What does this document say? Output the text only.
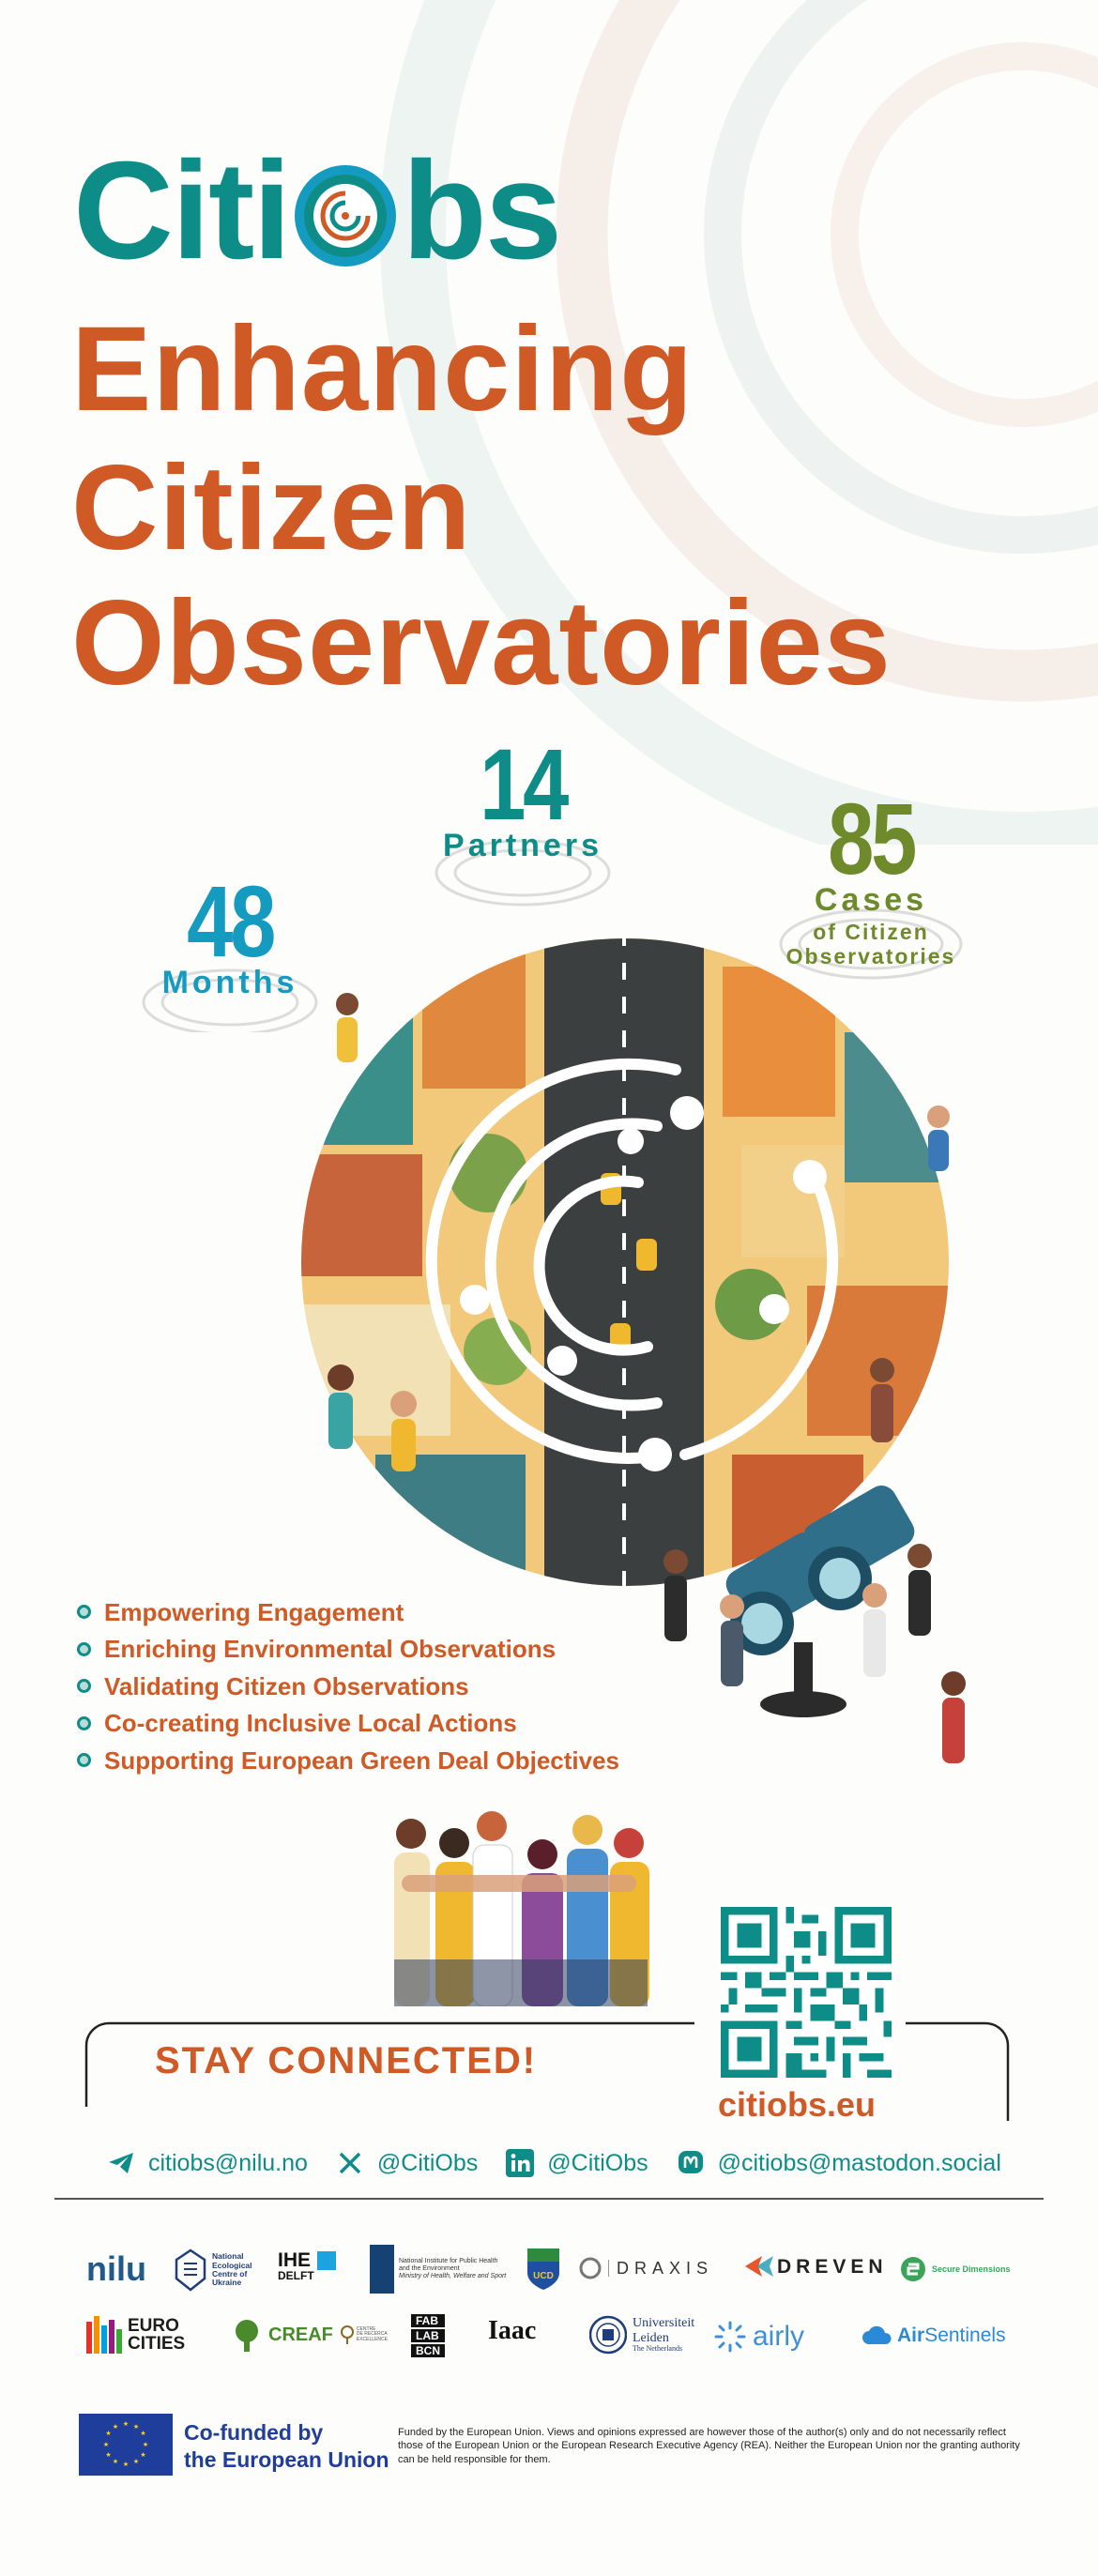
Citi bs
Enhancing
Citizen
Observatories
14
Partners	85
Cases
of Citizen
Observatories
48
Months
Empowering Engagement
Enriching Environmental Observations
Validating Citizen Observations
Co-creating Inclusive Local Actions
Supporting European Green Deal Objectives
STAY CONNECTED!
citiobs.eu
citiobs@nilu.no	@CitiObs	@CitiObs	@citiobs@mastodon.social
nilu	National
Ecological
Centre of
Ukraine
IHE
DELFT
National Institute for Public Health
and the Environment
Ministry of Health, Welfare and Sport	UCD	DRAXIS	DREVEN	Secure Dimensions
EURO
CITIES	CREAF	CENTRE
DE RECERCA
EXCELLENCE
FAB
LAB
BCN
Iaac	Universiteit
Leiden
The Netherlands	airly	Air Sentinels
★ ★
★
★
★
★
★
★
★
★
★
★	Co-funded by
the European Union
Funded by the European Union. Views and opinions expressed are however those of the author(s) only and do not necessarily reflect those of the European Union or the European Research Executive Agency (REA). Neither the European Union nor the granting authority can be held responsible for them.
